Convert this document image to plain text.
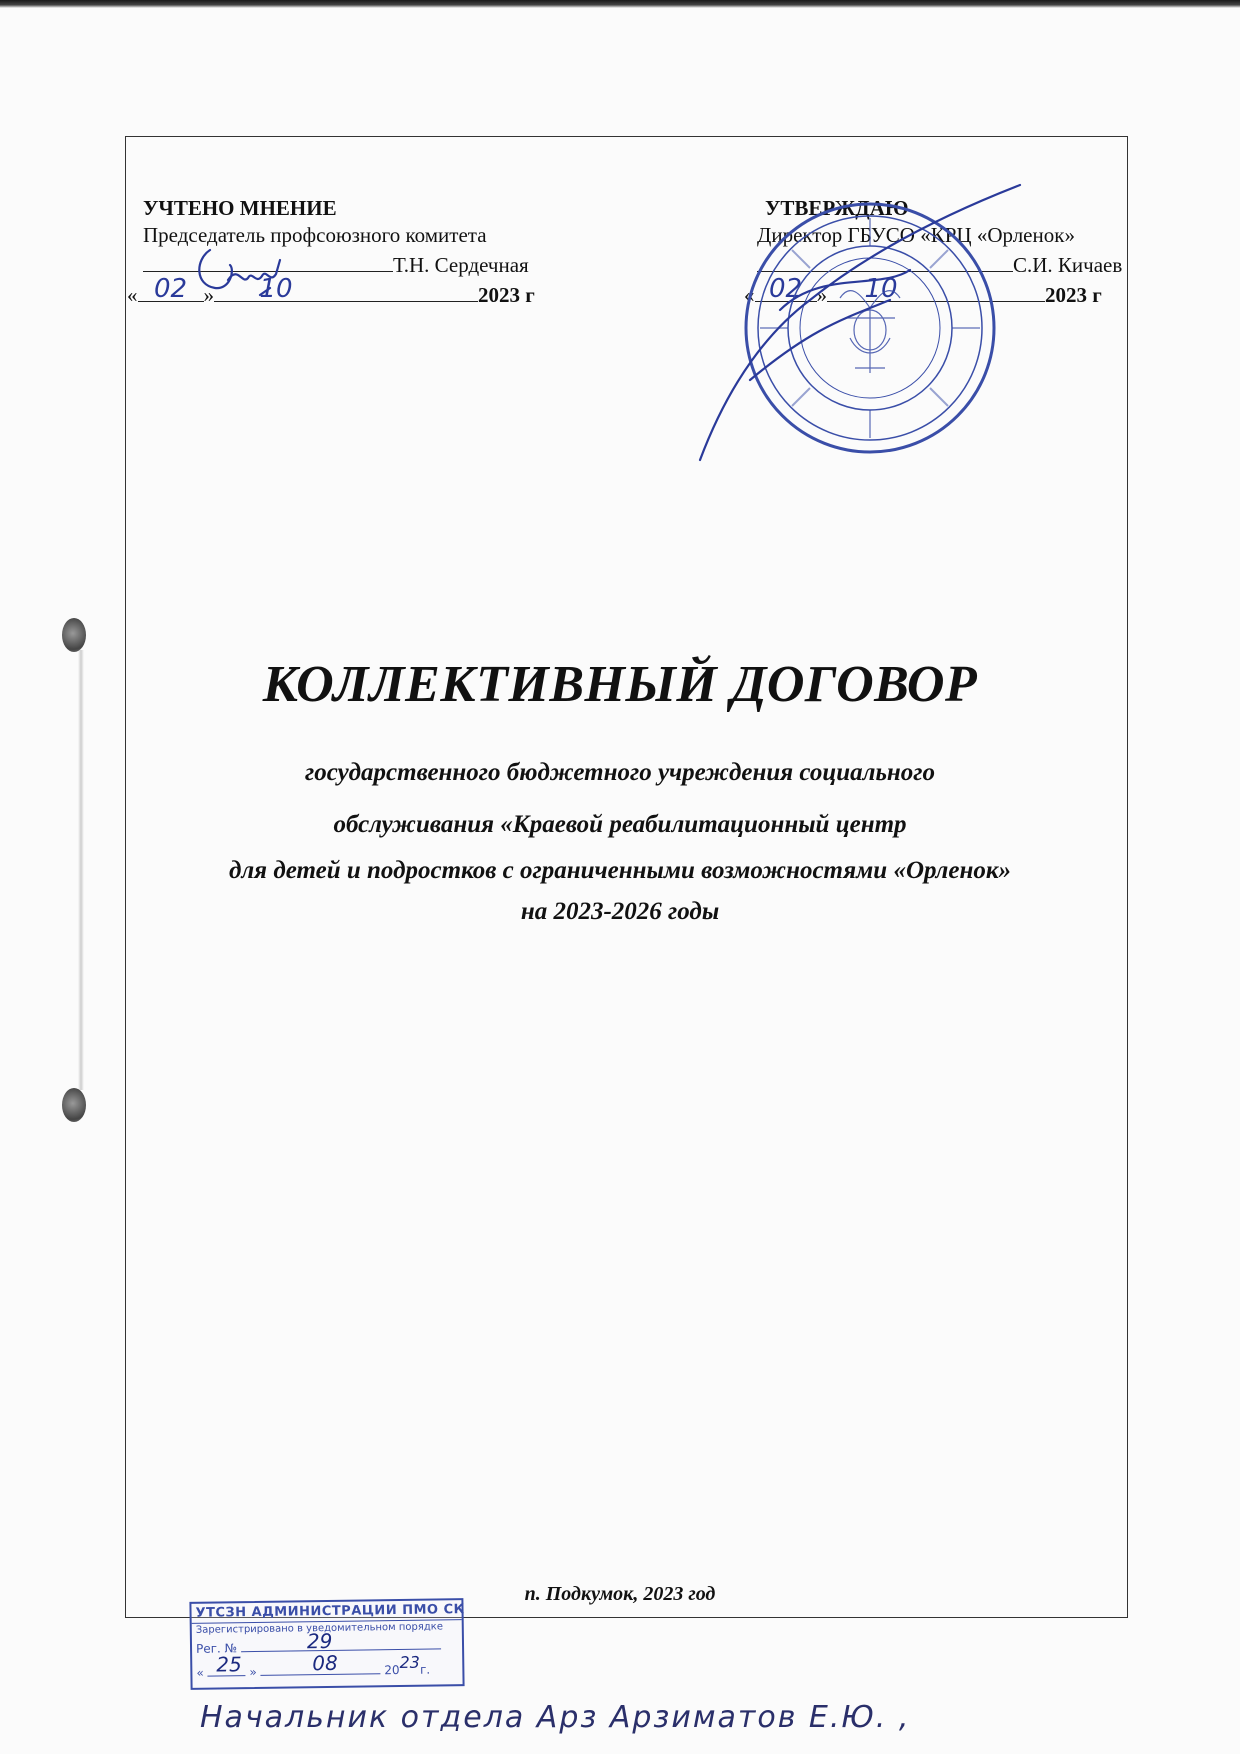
УЧТЕНО МНЕНИЕ
Председатель профсоюзного комитета
Т.Н. Сердечная
« 02 »	10	2023 г
УТВЕРЖДАЮ
Директор ГБУСО «КРЦ «Орленок»
С.И. Кичаев
« 02 »	10	2023 г
КОЛЛЕКТИВНЫЙ ДОГОВОР
государственного бюджетного учреждения социального
обслуживания «Краевой реабилитационный центр
для детей и подростков с ограниченными возможностями «Орленок»
на 2023-2026 годы
п. Подкумок, 2023 год
УТСЗН АДМИНИСТРАЦИИ ПМО СК
Зарегистрировано в уведомительном порядке
Рег. №	29
«	»	2023г.
25	08
Начальник отдела Арз Арзиматов Е.Ю. ,
